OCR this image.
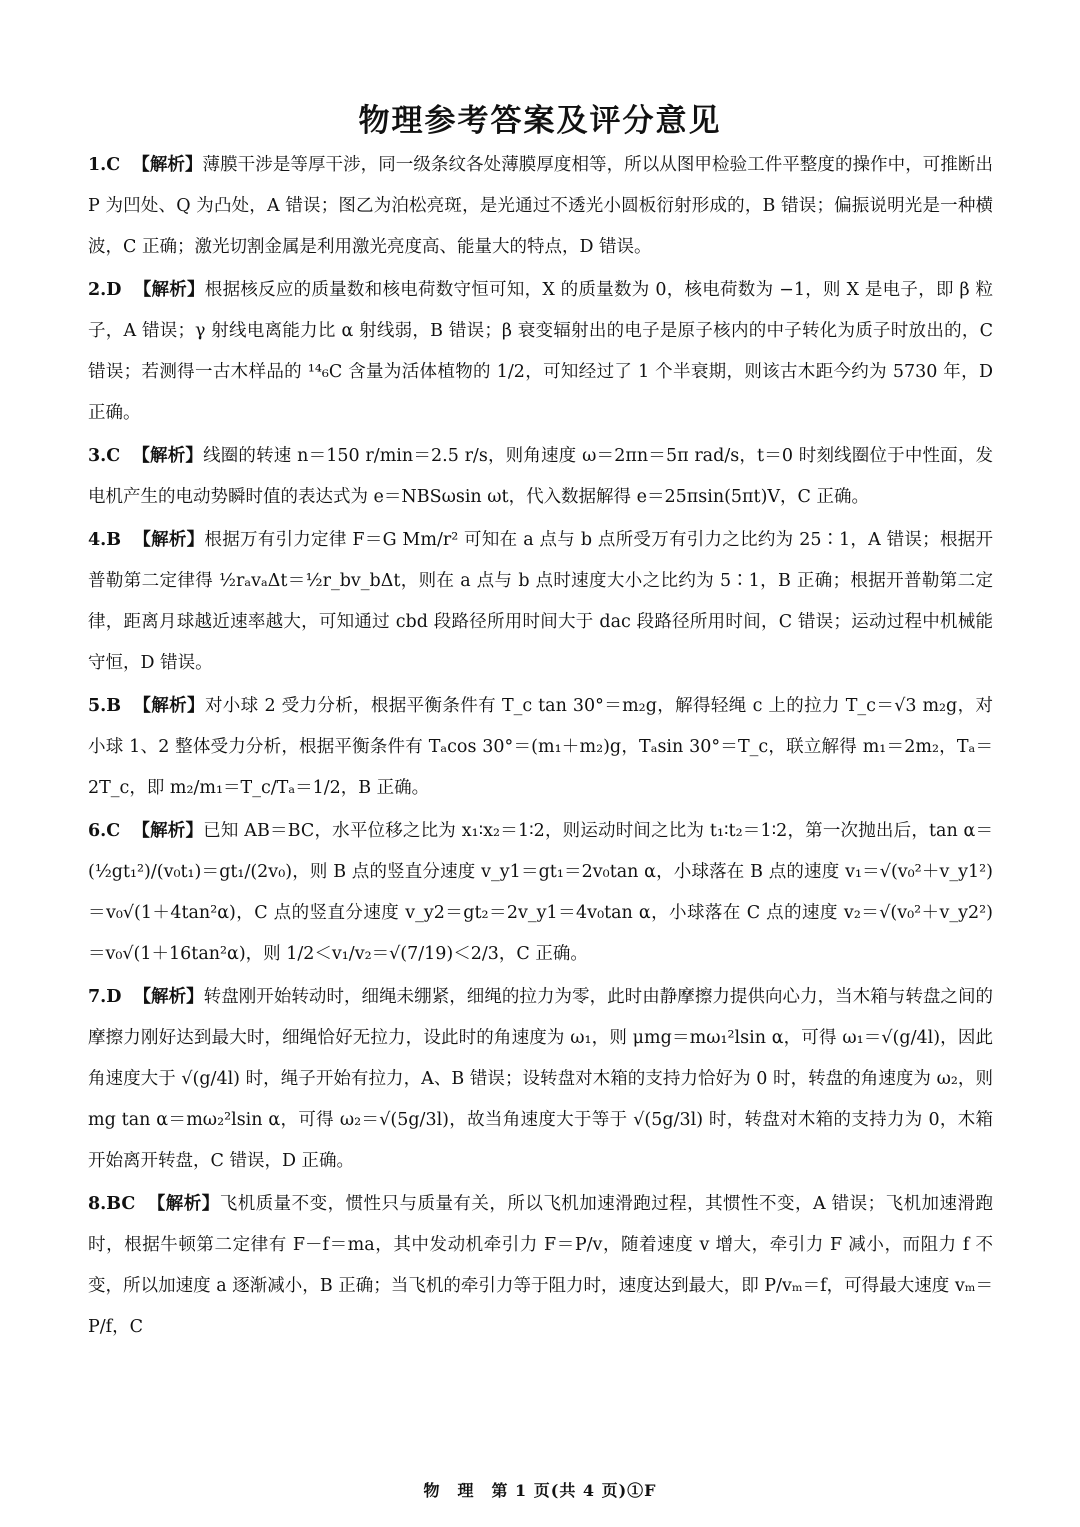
物理参考答案及评分意见
1.C 【解析】薄膜干涉是等厚干涉，同一级条纹各处薄膜厚度相等，所以从图甲检验工件平整度的操作中，可推断出 P 为凹处、Q 为凸处，A 错误；图乙为泊松亮斑，是光通过不透光小圆板衍射形成的，B 错误；偏振说明光是一种横波，C 正确；激光切割金属是利用激光亮度高、能量大的特点，D 错误。
2.D 【解析】根据核反应的质量数和核电荷数守恒可知，X 的质量数为 0，核电荷数为 −1，则 X 是电子，即 β 粒子，A 错误；γ 射线电离能力比 α 射线弱，B 错误；β 衰变辐射出的电子是原子核内的中子转化为质子时放出的，C 错误；若测得一古木样品的 ¹⁴₆C 含量为活体植物的 1/2，可知经过了 1 个半衰期，则该古木距今约为 5730 年，D 正确。
3.C 【解析】线圈的转速 n＝150 r/min＝2.5 r/s，则角速度 ω＝2πn＝5π rad/s，t＝0 时刻线圈位于中性面，发电机产生的电动势瞬时值的表达式为 e＝NBSωsin ωt，代入数据解得 e＝25πsin(5πt)V，C 正确。
4.B 【解析】根据万有引力定律 F＝G Mm/r² 可知在 a 点与 b 点所受万有引力之比约为 25∶1，A 错误；根据开普勒第二定律得 ½rₐvₐΔt＝½r_bv_bΔt，则在 a 点与 b 点时速度大小之比约为 5∶1，B 正确；根据开普勒第二定律，距离月球越近速率越大，可知通过 cbd 段路径所用时间大于 dac 段路径所用时间，C 错误；运动过程中机械能守恒，D 错误。
5.B 【解析】对小球 2 受力分析，根据平衡条件有 T_c tan 30°＝m₂g，解得轻绳 c 上的拉力 T_c＝√3 m₂g，对小球 1、2 整体受力分析，根据平衡条件有 Tₐcos 30°＝(m₁＋m₂)g，Tₐsin 30°＝T_c，联立解得 m₁＝2m₂，Tₐ＝2T_c，即 m₂/m₁＝T_c/Tₐ＝1/2，B 正确。
6.C 【解析】已知 AB＝BC，水平位移之比为 x₁∶x₂＝1∶2，则运动时间之比为 t₁∶t₂＝1∶2，第一次抛出后，tan α＝(½gt₁²)/(v₀t₁)＝gt₁/(2v₀)，则 B 点的竖直分速度 v_y1＝gt₁＝2v₀tan α，小球落在 B 点的速度 v₁＝√(v₀²＋v_y1²)＝v₀√(1＋4tan²α)，C 点的竖直分速度 v_y2＝gt₂＝2v_y1＝4v₀tan α，小球落在 C 点的速度 v₂＝√(v₀²＋v_y2²)＝v₀√(1＋16tan²α)，则 1/2＜v₁/v₂＝√(7/19)＜2/3，C 正确。
7.D 【解析】转盘刚开始转动时，细绳未绷紧，细绳的拉力为零，此时由静摩擦力提供向心力，当木箱与转盘之间的摩擦力刚好达到最大时，细绳恰好无拉力，设此时的角速度为 ω₁，则 μmg＝mω₁²lsin α，可得 ω₁＝√(g/4l)，因此角速度大于 √(g/4l) 时，绳子开始有拉力，A、B 错误；设转盘对木箱的支持力恰好为 0 时，转盘的角速度为 ω₂，则 mg tan α＝mω₂²lsin α，可得 ω₂＝√(5g/3l)，故当角速度大于等于 √(5g/3l) 时，转盘对木箱的支持力为 0，木箱开始离开转盘，C 错误，D 正确。
8.BC 【解析】飞机质量不变，惯性只与质量有关，所以飞机加速滑跑过程，其惯性不变，A 错误；飞机加速滑跑时，根据牛顿第二定律有 F－f＝ma，其中发动机牵引力 F＝P/v，随着速度 v 增大，牵引力 F 减小，而阻力 f 不变，所以加速度 a 逐渐减小，B 正确；当飞机的牵引力等于阻力时，速度达到最大，即 P/vₘ＝f，可得最大速度 vₘ＝P/f，C
物　理　第 1 页(共 4 页)①F
